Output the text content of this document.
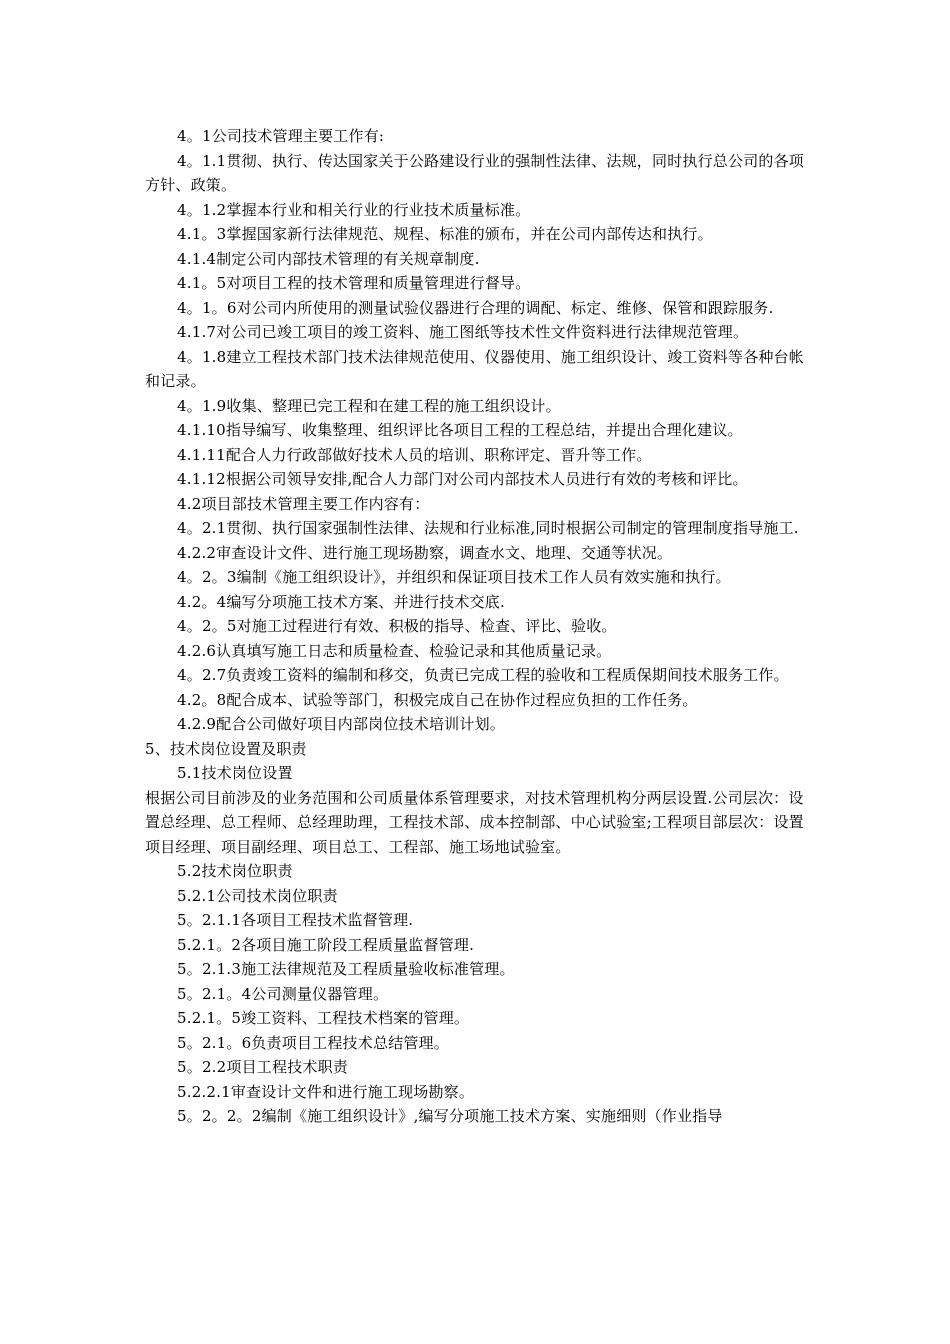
4。1公司技术管理主要工作有:

4。1.1贯彻、执行、传达国家关于公路建设行业的强制性法律、法规，同时执行总公司的各项方针、政策。

4。1.2掌握本行业和相关行业的行业技术质量标准。

4.1。3掌握国家新行法律规范、规程、标准的颁布，并在公司内部传达和执行。

4.1.4制定公司内部技术管理的有关规章制度.

4.1。5对项目工程的技术管理和质量管理进行督导。

4。1。6对公司内所使用的测量试验仪器进行合理的调配、标定、维修、保管和跟踪服务.

4.1.7对公司已竣工项目的竣工资料、施工图纸等技术性文件资料进行法律规范管理。

4。1.8建立工程技术部门技术法律规范使用、仪器使用、施工组织设计、竣工资料等各种台帐和记录。

4。1.9收集、整理已完工程和在建工程的施工组织设计。

4.1.10指导编写、收集整理、组织评比各项目工程的工程总结，并提出合理化建议。

4.1.11配合人力行政部做好技术人员的培训、职称评定、晋升等工作。

4.1.12根据公司领导安排,配合人力部门对公司内部技术人员进行有效的考核和评比。

4.2项目部技术管理主要工作内容有：

4。2.1贯彻、执行国家强制性法律、法规和行业标准,同时根据公司制定的管理制度指导施工.

4.2.2审查设计文件、进行施工现场勘察，调查水文、地理、交通等状况。

4。2。3编制《施工组织设计》，并组织和保证项目技术工作人员有效实施和执行。

4.2。4编写分项施工技术方案、并进行技术交底.

4。2。5对施工过程进行有效、积极的指导、检查、评比、验收。

4.2.6认真填写施工日志和质量检查、检验记录和其他质量记录。

4。2.7负责竣工资料的编制和移交，负责已完成工程的验收和工程质保期间技术服务工作。

4.2。8配合成本、试验等部门，积极完成自己在协作过程应负担的工作任务。

4.2.9配合公司做好项目内部岗位技术培训计划。

5、技术岗位设置及职责

5.1技术岗位设置

根据公司目前涉及的业务范围和公司质量体系管理要求，对技术管理机构分两层设置.公司层次：设置总经理、总工程师、总经理助理，工程技术部、成本控制部、中心试验室;工程项目部层次：设置项目经理、项目副经理、项目总工、工程部、施工场地试验室。

5.2技术岗位职责

5.2.1公司技术岗位职责

5。2.1.1各项目工程技术监督管理.

5.2.1。2各项目施工阶段工程质量监督管理.

5。2.1.3施工法律规范及工程质量验收标准管理。

5。2.1。4公司测量仪器管理。

5.2.1。5竣工资料、工程技术档案的管理。

5。2.1。6负责项目工程技术总结管理。

5。2.2项目工程技术职责

5.2.2.1审查设计文件和进行施工现场勘察。

5。2。2。2编制《施工组织设计》,编写分项施工技术方案、实施细则（作业指导
